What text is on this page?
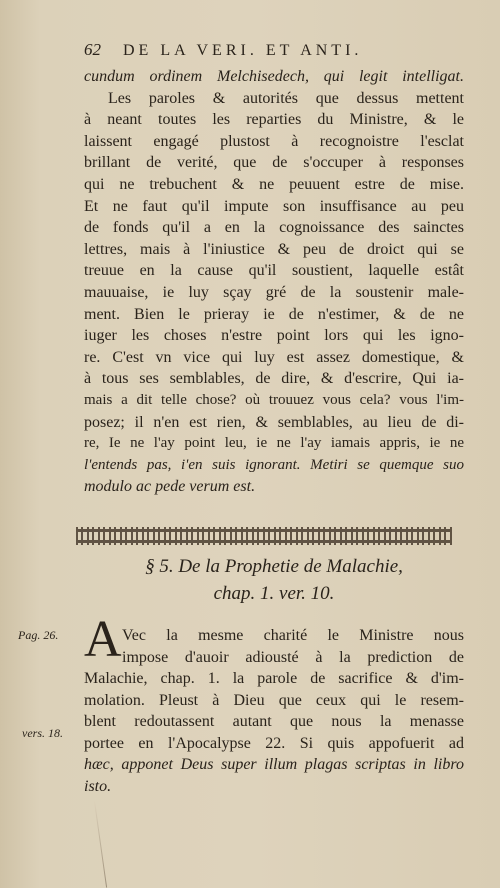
62 DE LA VERI. ET ANTI.
cundum ordinem Melchisedech, qui legit intelligat.
Les paroles & autorités que dessus mettent
à neant toutes les reparties du Ministre, & le
laissent engagé plustost à recognoistre l'esclat
brillant de verité, que de s'occuper à responses
qui ne trebuchent & ne peuuent estre de mise.
Et ne faut qu'il impute son insuffisance au peu
de fonds qu'il a en la cognoissance des sainctes
lettres, mais à l'iniustice & peu de droict qui se
treuue en la cause qu'il soustient, laquelle estât
mauuaise, ie luy sçay gré de la soustenir male-
ment. Bien le prieray ie de n'estimer, & de ne
iuger les choses n'estre point lors qui les igno-
re. C'est vn vice qui luy est assez domestique, &
à tous ses semblables, de dire, & d'escrire, Qui ia-
mais a dit telle chose? où trouuez vous cela? vous l'im-
posez; il n'en est rien, & semblables, au lieu de di-
re, Ie ne l'ay point leu, ie ne l'ay iamais appris, ie ne
l'entends pas, i'en suis ignorant. Metiri se quemque suo
modulo ac pede verum est.
§ 5. De la Prophetie de Malachie,
chap. 1. ver. 10.
Pag. 26.
vers. 18.
A Vec la mesme charité le Ministre nous
impose d'auoir adiousté à la prediction de
Malachie, chap. 1. la parole de sacrifice & d'im-
molation. Pleust à Dieu que ceux qui le resem-
blent redoutassent autant que nous la menasse
portee en l'Apocalypse 22. Si quis appofuerit ad
hæc, apponet Deus super illum plagas scriptas in libro
isto.
